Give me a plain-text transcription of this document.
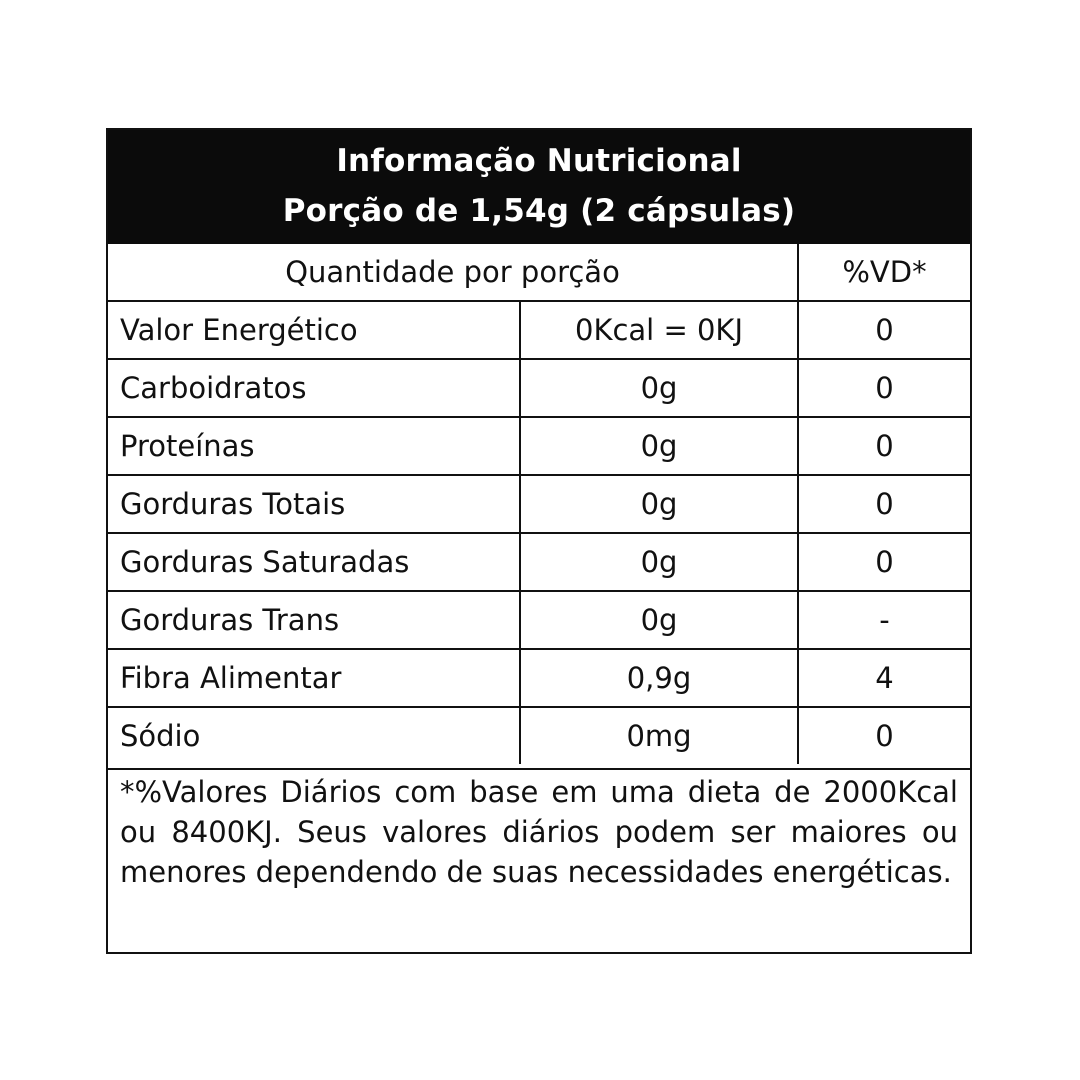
Informação Nutricional
Porção de 1,54g (2 cápsulas)
Quantidade por porção		%VD*
Valor Energético	0Kcal = 0KJ	0
Carboidratos	0g	0
Proteínas	0g	0
Gorduras Totais	0g	0
Gorduras Saturadas	0g	0
Gorduras Trans	0g	-
Fibra Alimentar	0,9g	4
Sódio	0mg	0
*%Valores Diários com base em uma dieta de 2000Kcal ou 8400KJ. Seus valores diários podem ser maiores ou menores dependendo de suas necessidades energéticas.
